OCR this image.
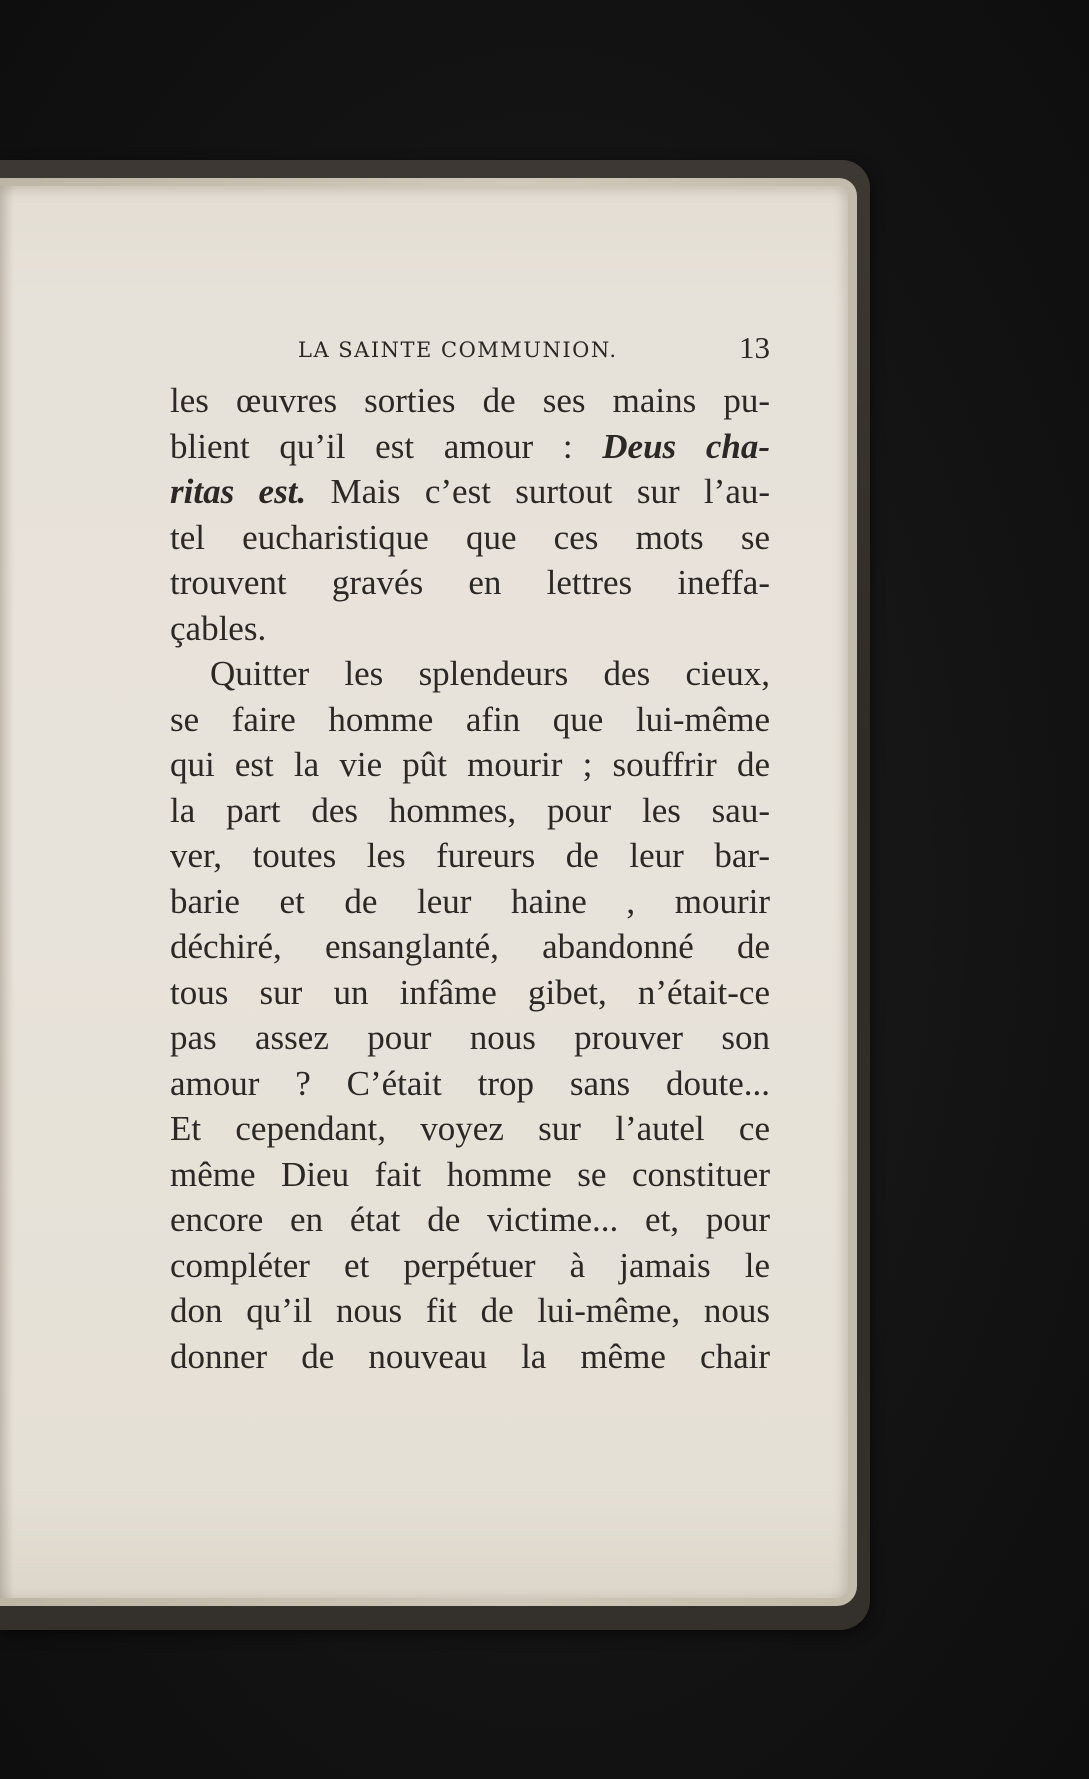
LA SAINTE COMMUNION.	13
les œuvres sorties de ses mains pu-
blient qu’il est amour : Deus cha-
ritas est. Mais c’est surtout sur l’au-
tel eucharistique que ces mots se
trouvent gravés en lettres ineffa-
çables.
Quitter les splendeurs des cieux,
se faire homme afin que lui-même
qui est la vie pût mourir ; souffrir de
la part des hommes, pour les sau-
ver, toutes les fureurs de leur bar-
barie et de leur haine , mourir
déchiré, ensanglanté, abandonné de
tous sur un infâme gibet, n’était-ce
pas assez pour nous prouver son
amour ? C’était trop sans doute...
Et cependant, voyez sur l’autel ce
même Dieu fait homme se constituer
encore en état de victime... et, pour
compléter et perpétuer à jamais le
don qu’il nous fit de lui-même, nous
donner de nouveau la même chair
